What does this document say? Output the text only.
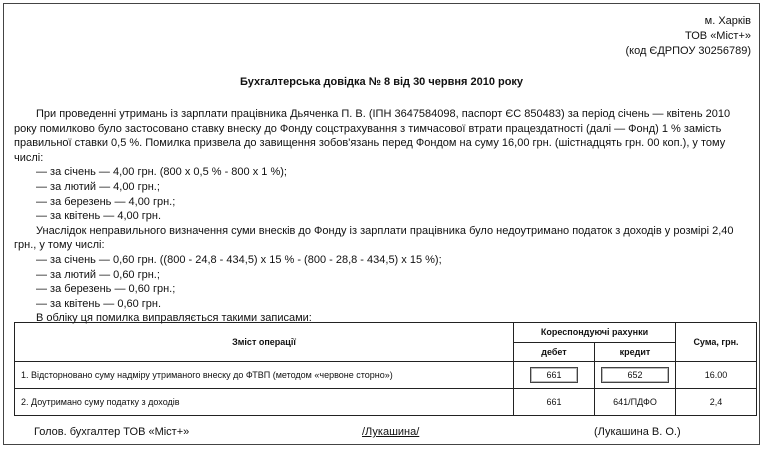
м. Харків
ТОВ «Міст+»
(код ЄДРПОУ 30256789)
Бухгалтерська довідка № 8 від 30 червня 2010 року

При проведенні утримань із зарплати працівника Дьяченка П. В. (ІПН 3647584098, паспорт ЄС 850483) за період січень — квітень 2010 року помилково було застосовано ставку внеску до Фонду соцстрахування з тимчасової втрати працездатності (далі — Фонд) 1 % замість правильної ставки 0,5 %. Помилка призвела до завищення зобов'язань перед Фондом на суму 16,00 грн. (шістнадцять грн. 00 коп.), у тому числі:

— за січень — 4,00 грн. (800 х 0,5 % - 800 х 1 %);

— за лютий — 4,00 грн.;

— за березень — 4,00 грн.;

— за квітень — 4,00 грн.

Унаслідок неправильного визначення суми внесків до Фонду із зарплати працівника було недоутримано податок з доходів у розмірі 2,40 грн., у тому числі:

— за січень — 0,60 грн. ((800 - 24,8 - 434,5) х 15 % - (800 - 28,8 - 434,5) х 15 %);

— за лютий — 0,60 грн.;

— за березень — 0,60 грн.;

— за квітень — 0,60 грн.

В обліку ця помилка виправляється такими записами:

Зміст операції	Кореспондуючі рахунки		Сума, грн.
	дебет	кредит	
1. Відсторновано суму надміру утриманого внеску до ФТВП (методом «червоне сторно»)	661	652	16.00
2. Доутримано суму податку з доходів	661	641/ПДФО	2,4
Голов. бухгалтер ТОВ «Міст+»	/Лукашина/	(Лукашина В. О.)
